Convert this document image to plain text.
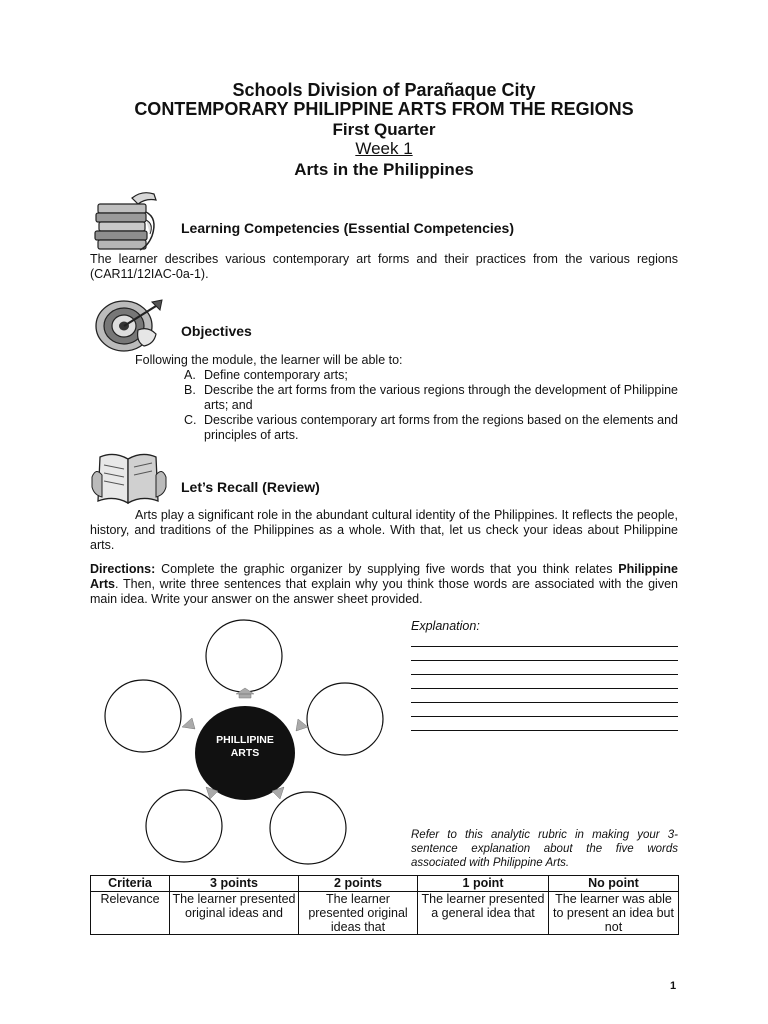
Schools Division of Parañaque City
CONTEMPORARY PHILIPPINE ARTS FROM THE REGIONS
First Quarter
Week 1
Arts in the Philippines
Learning Competencies (Essential Competencies)
The learner describes various contemporary art forms and their practices from the various regions (CAR11/12IAC-0a-1).
Objectives
Following the module, the learner will be able to:
A. Define contemporary arts;
B. Describe the art forms from the various regions through the development of Philippine arts; and
C. Describe various contemporary art forms from the regions based on the elements and principles of arts.
Let’s Recall (Review)
Arts play a significant role in the abundant cultural identity of the Philippines. It reflects the people, history, and traditions of the Philippines as a whole. With that, let us check your ideas about Philippine arts.
Directions: Complete the graphic organizer by supplying five words that you think relates Philippine Arts. Then, write three sentences that explain why you think those words are associated with the given main idea. Write your answer on the answer sheet provided.
PHILLIPINE
ARTS
Explanation:
Refer to this analytic rubric in making your 3-sentence explanation about the five words associated with Philippine Arts.
Criteria	3 points	2 points	1 point	No point
Relevance	The learner presented original ideas and	The learner presented original ideas that	The learner presented a general idea that	The learner was able to present an idea but not
1
